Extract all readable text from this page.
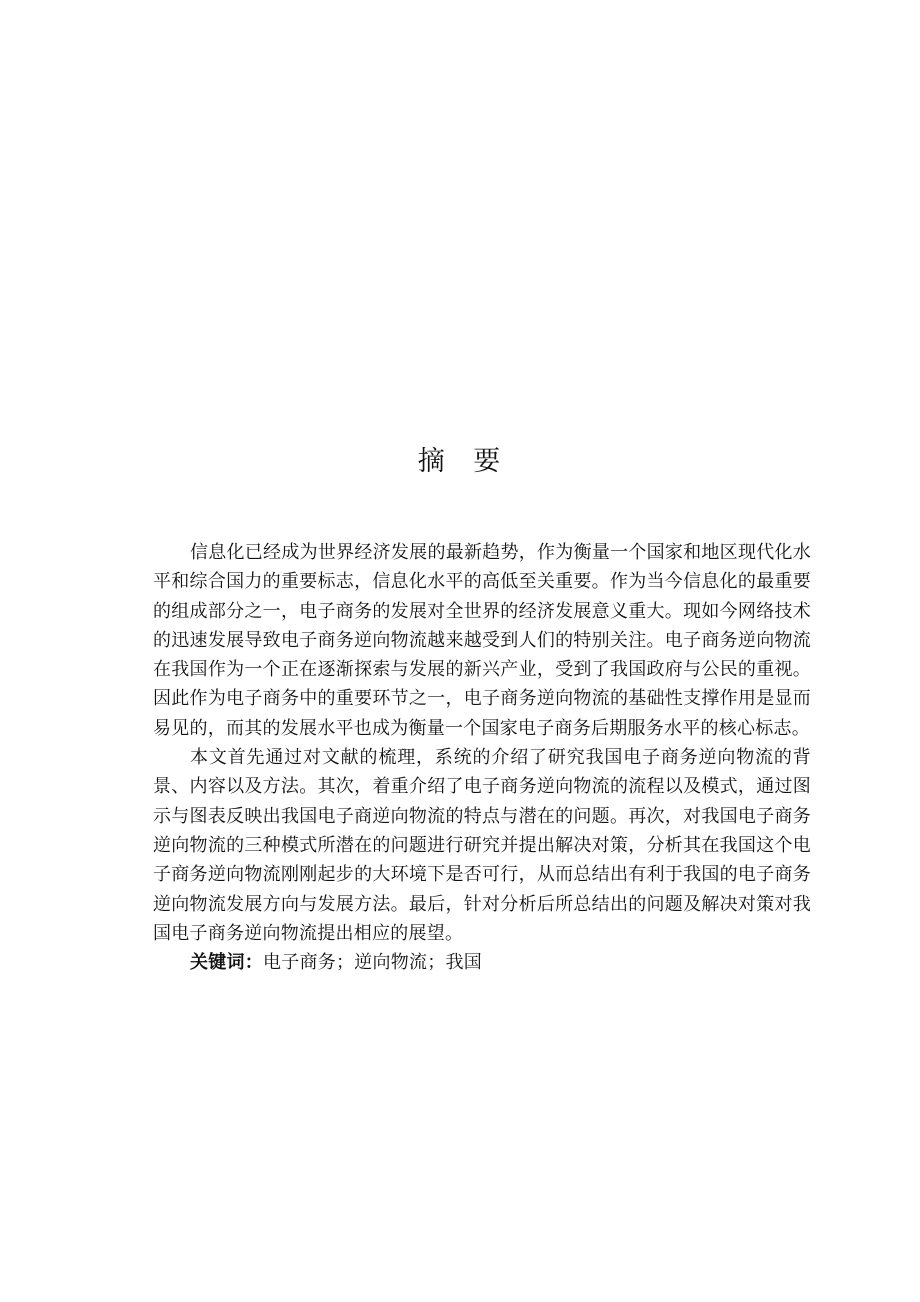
摘 要

信息化已经成为世界经济发展的最新趋势，作为衡量一个国家和地区现代化水平和综合国力的重要标志，信息化水平的高低至关重要。作为当今信息化的最重要的组成部分之一，电子商务的发展对全世界的经济发展意义重大。现如今网络技术的迅速发展导致电子商务逆向物流越来越受到人们的特别关注。电子商务逆向物流在我国作为一个正在逐渐探索与发展的新兴产业，受到了我国政府与公民的重视。因此作为电子商务中的重要环节之一，电子商务逆向物流的基础性支撑作用是显而易见的，而其的发展水平也成为衡量一个国家电子商务后期服务水平的核心标志。

本文首先通过对文献的梳理，系统的介绍了研究我国电子商务逆向物流的背景、内容以及方法。其次，着重介绍了电子商务逆向物流的流程以及模式，通过图示与图表反映出我国电子商逆向物流的特点与潜在的问题。再次，对我国电子商务逆向物流的三种模式所潜在的问题进行研究并提出解决对策，分析其在我国这个电子商务逆向物流刚刚起步的大环境下是否可行，从而总结出有利于我国的电子商务逆向物流发展方向与发展方法。最后，针对分析后所总结出的问题及解决对策对我国电子商务逆向物流提出相应的展望。

关键词：电子商务；逆向物流；我国
